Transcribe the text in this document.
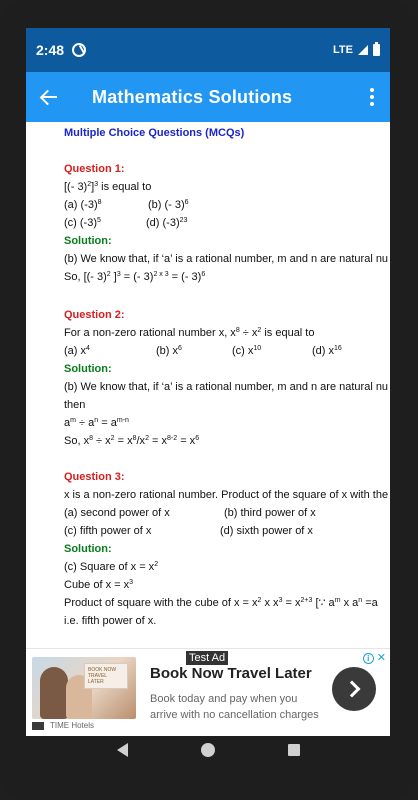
2:48	LTE
Mathematics Solutions
Multiple Choice Questions (MCQs)
Question 1:
[(- 3)$^2$]$^3$ is equal to
(a) $(-3)^8$	(b) (- 3)$^6$
(c) $(-3)^5$	(d) $(-3)^{23}$
Solution:
(b) We know that, if ‘a’ is a rational number, m and n are natural nu
So, [(- 3)$^2$ ]$^3$ = (- 3)$^{2 x 3}$ = (- 3)$^6$
Question 2:
For a non-zero rational number x, $x^8 \div x^2$ is equal to
(a) $x^4$	(b) $x^6$	(c) $x^{10}$	(d) $x^{16}$
Solution:
(b) We know that, if ‘a’ is a rational number, m and n are natural nu
then
$a^m \div a^n = a^{m-n}$
So, $x^8 \div x^2 = x^8/x^2 = x^{8-2} = x^6$
Question 3:
x is a non-zero rational number. Product of the square of x with the
(a) second power of x	(b) third power of x
(c) fifth power of x	(d) sixth power of x
Solution:
(c) Square of $x = x^2$
Cube of $x = x^3$
Product of square with the cube of $x = x^2$ x $x^3 = x^{2+3}$ [∵ $a^m$ x $a^n =a$
i.e. fifth power of x.
BOOK NOW TRAVEL LATER
TIME Hotels
Test Ad
Book Now Travel Later
Book today and pay when you arrive with no cancellation charges
i ✕
